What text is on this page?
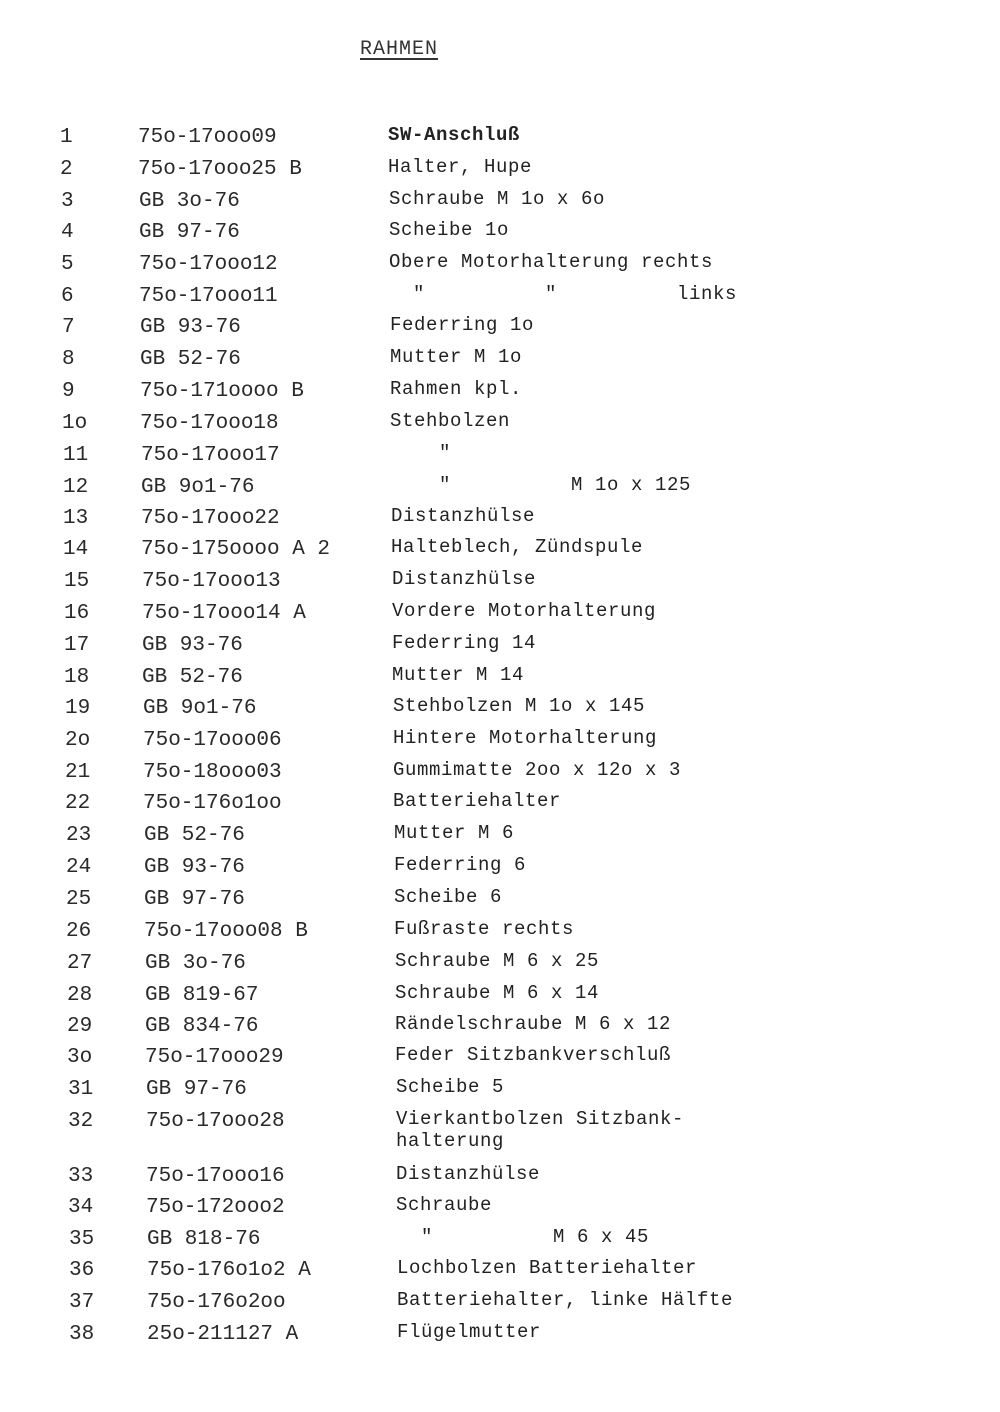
RAHMEN
1	75o-17ooo09	SW-Anschluß
2	75o-17ooo25 B	Halter, Hupe
3	GB 3o-76	Schraube M 1o x 6o
4	GB 97-76	Scheibe 1o
5	75o-17ooo12	Obere Motorhalterung rechts
6	75o-17ooo11	"          "          links
7	GB 93-76	Federring 1o
8	GB 52-76	Mutter M 1o
9	75o-171oooo B	Rahmen kpl.
1o	75o-17ooo18	Stehbolzen
11	75o-17ooo17	"
12	GB 9o1-76	"          M 1o x 125
13	75o-17ooo22	Distanzhülse
14	75o-175oooo A 2	Halteblech, Zündspule
15	75o-17ooo13	Distanzhülse
16	75o-17ooo14 A	Vordere Motorhalterung
17	GB 93-76	Federring 14
18	GB 52-76	Mutter M 14
19	GB 9o1-76	Stehbolzen M 1o x 145
2o	75o-17ooo06	Hintere Motorhalterung
21	75o-18ooo03	Gummimatte 2oo x 12o x 3
22	75o-176o1oo	Batteriehalter
23	GB 52-76	Mutter M 6
24	GB 93-76	Federring 6
25	GB 97-76	Scheibe 6
26	75o-17ooo08 B	Fußraste rechts
27	GB 3o-76	Schraube M 6 x 25
28	GB 819-67	Schraube M 6 x 14
29	GB 834-76	Rändelschraube M 6 x 12
3o	75o-17ooo29	Feder Sitzbankverschluß
31	GB 97-76	Scheibe 5
32	75o-17ooo28	Vierkantbolzen Sitzbank-
halterung
33	75o-17ooo16	Distanzhülse
34	75o-172ooo2	Schraube
35	GB 818-76	"          M 6 x 45
36	75o-176o1o2 A	Lochbolzen Batteriehalter
37	75o-176o2oo	Batteriehalter, linke Hälfte
38	25o-211127 A	Flügelmutter
